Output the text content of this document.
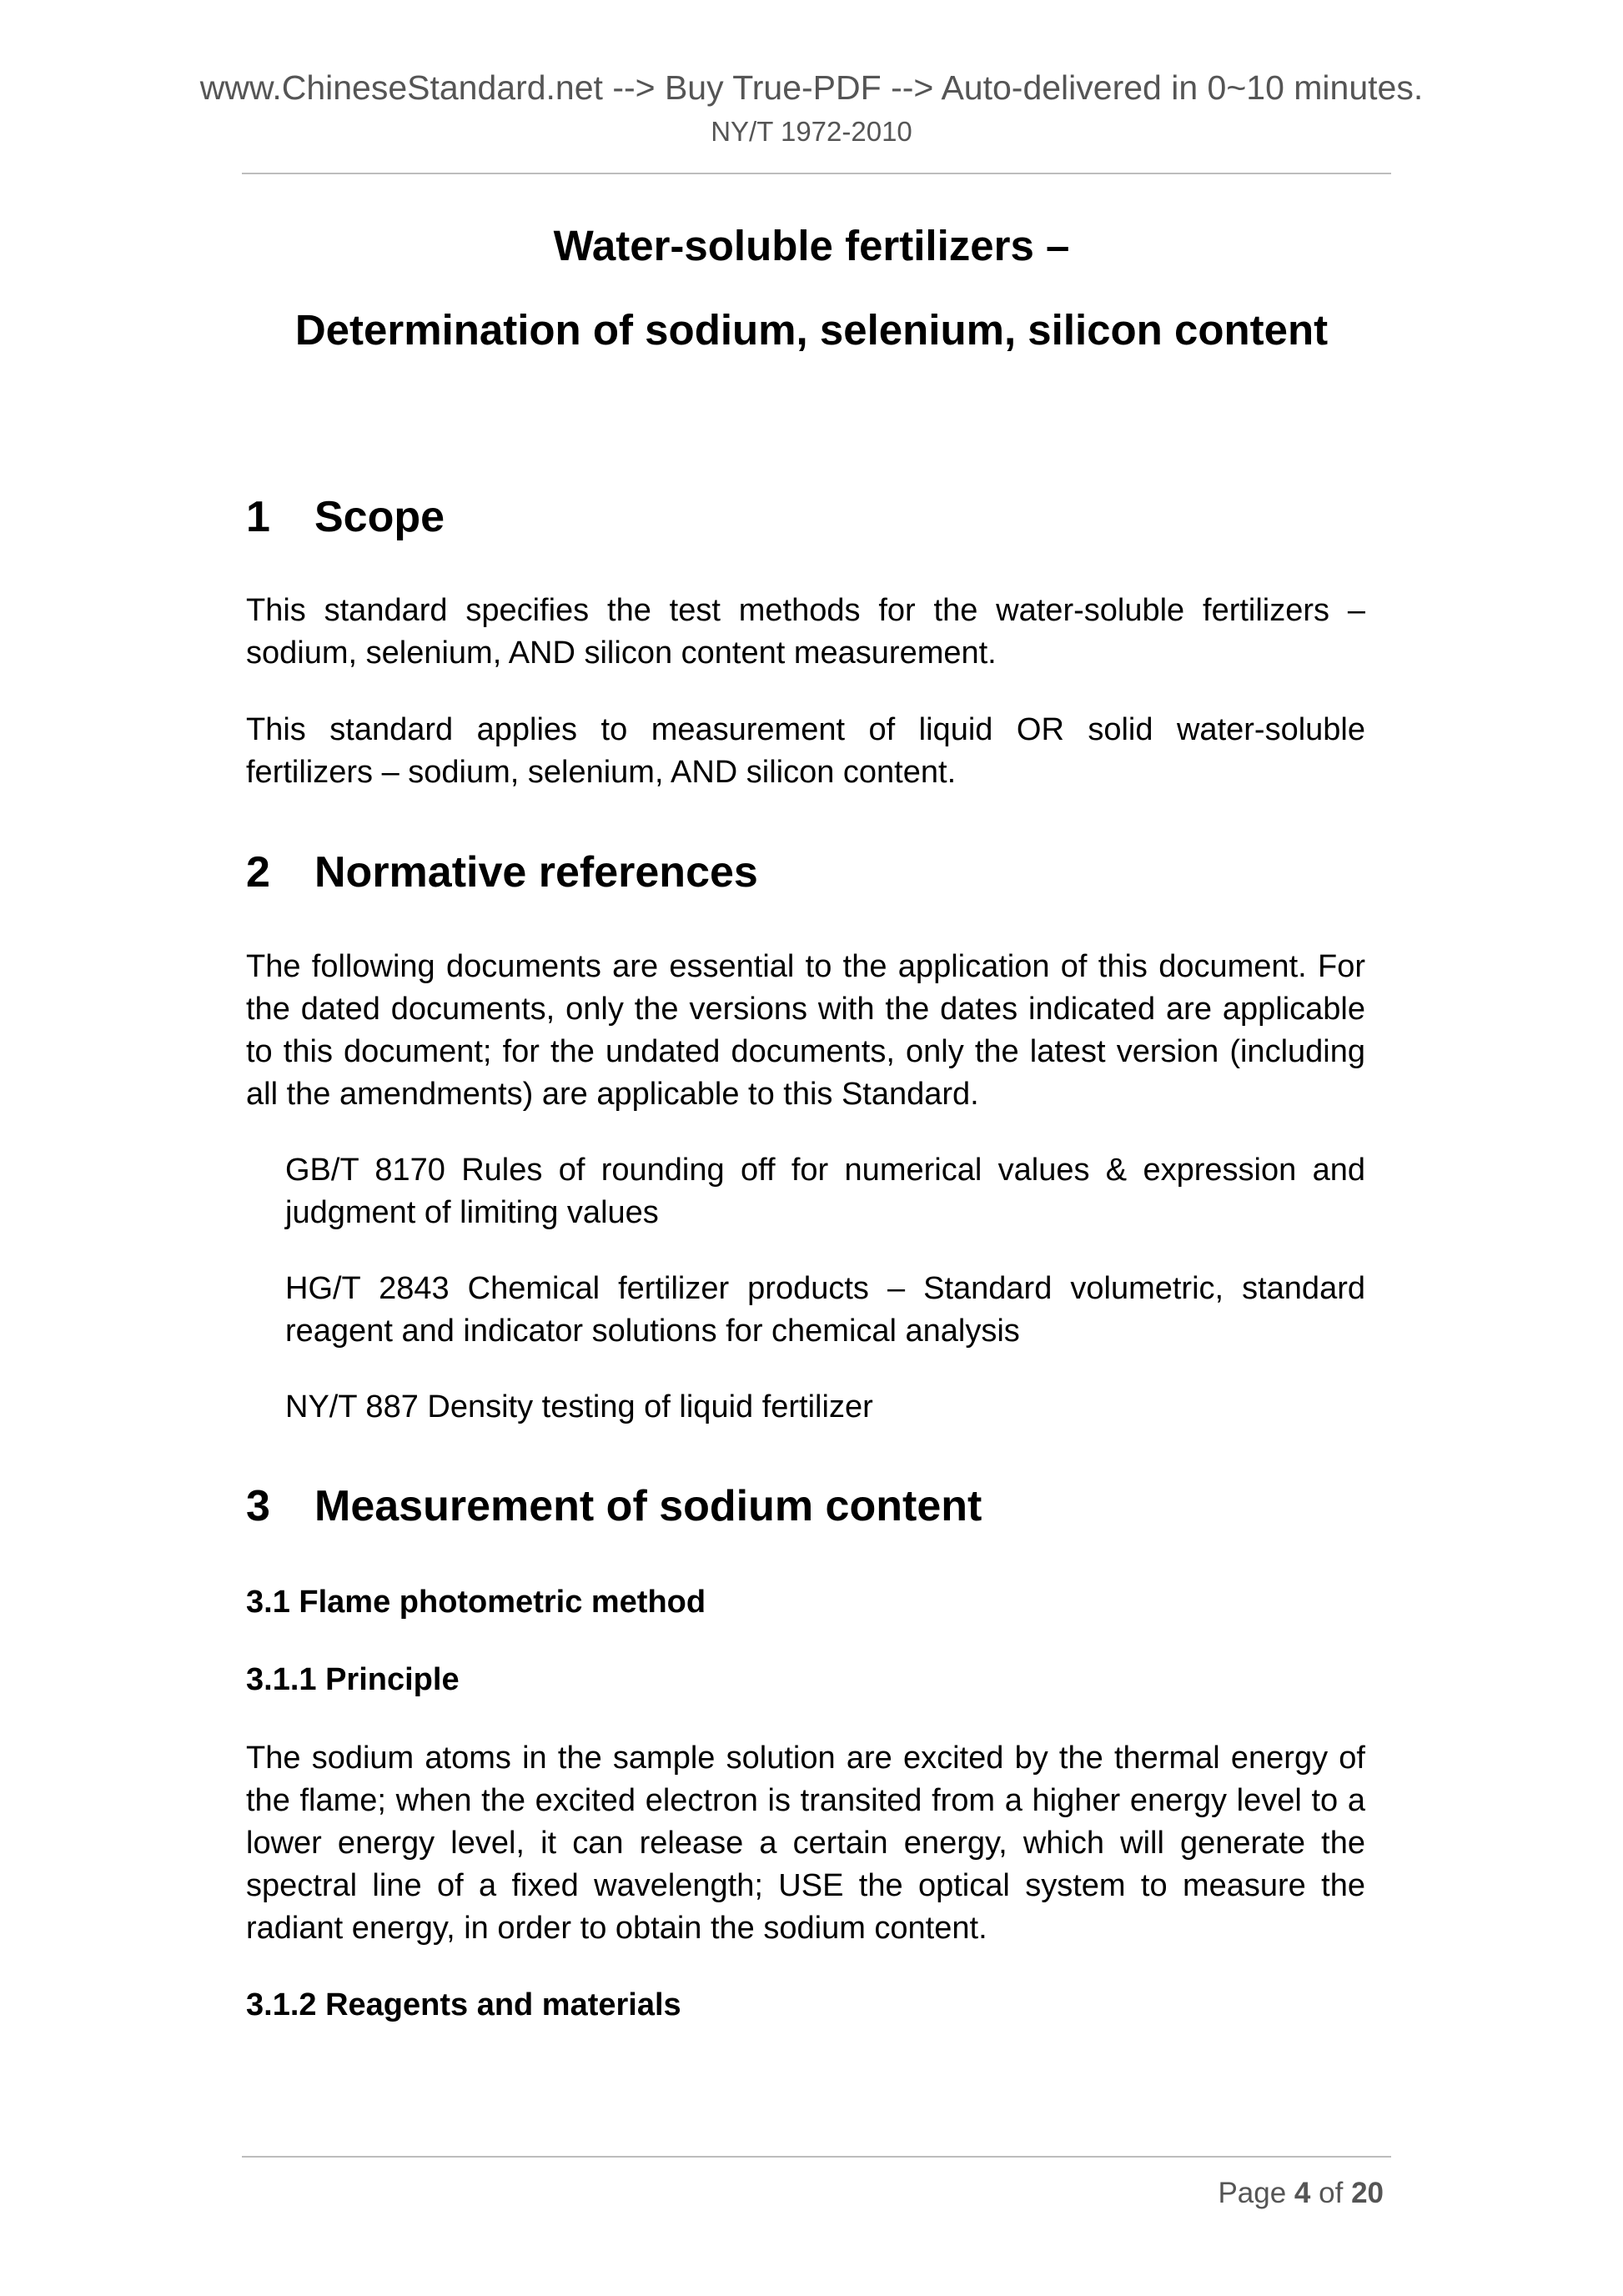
www.ChineseStandard.net --> Buy True-PDF --> Auto-delivered in 0~10 minutes.
NY/T 1972-2010
Water-soluble fertilizers –
Determination of sodium, selenium, silicon content
1 Scope
This standard specifies the test methods for the water-soluble fertilizers – sodium, selenium, AND silicon content measurement.
This standard applies to measurement of liquid OR solid water-soluble fertilizers – sodium, selenium, AND silicon content.
2 Normative references
The following documents are essential to the application of this document. For the dated documents, only the versions with the dates indicated are applicable to this document; for the undated documents, only the latest version (including all the amendments) are applicable to this Standard.
GB/T 8170 Rules of rounding off for numerical values & expression and judgment of limiting values
HG/T 2843 Chemical fertilizer products – Standard volumetric, standard reagent and indicator solutions for chemical analysis
NY/T 887 Density testing of liquid fertilizer
3 Measurement of sodium content
3.1 Flame photometric method
3.1.1 Principle
The sodium atoms in the sample solution are excited by the thermal energy of the flame; when the excited electron is transited from a higher energy level to a lower energy level, it can release a certain energy, which will generate the spectral line of a fixed wavelength; USE the optical system to measure the radiant energy, in order to obtain the sodium content.
3.1.2 Reagents and materials
Page 4 of 20
